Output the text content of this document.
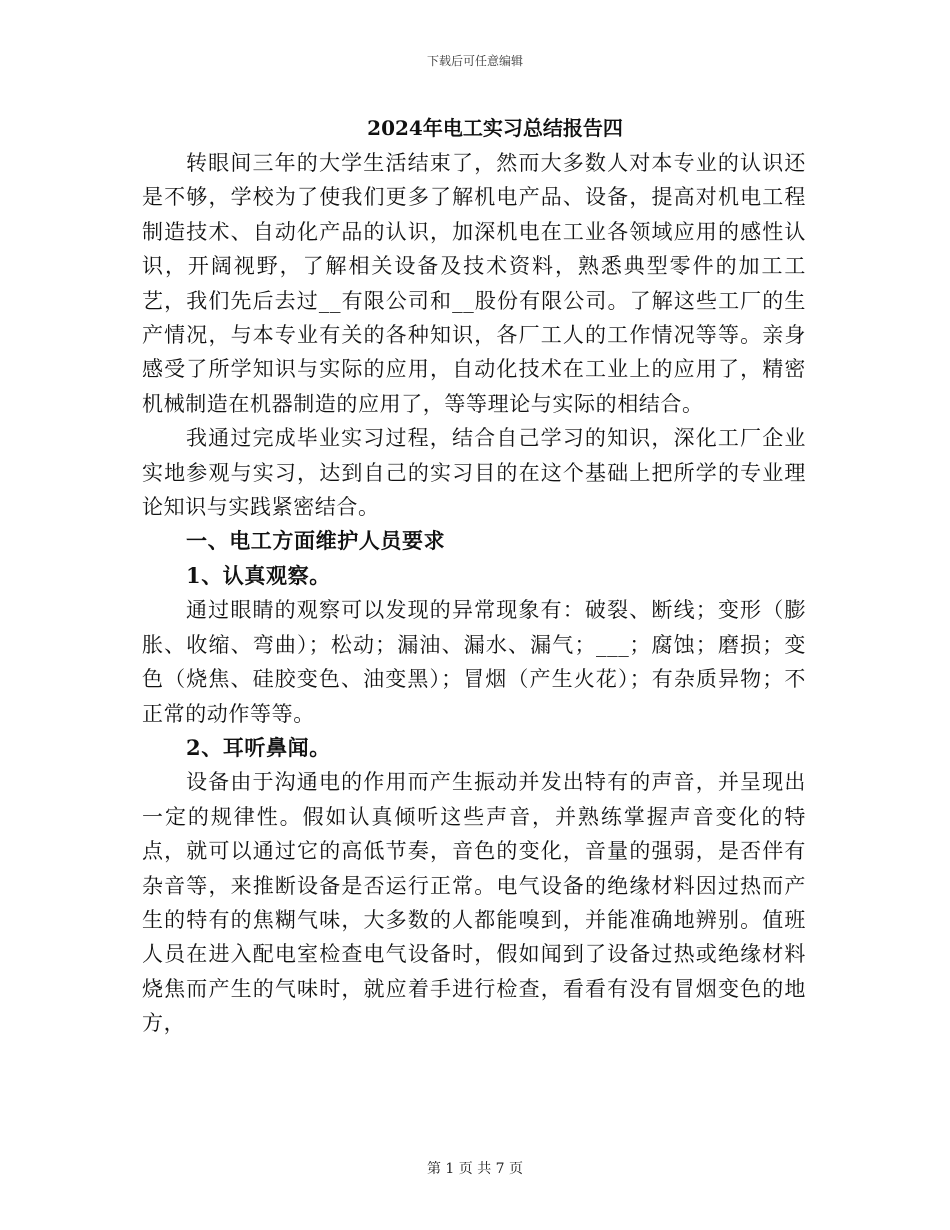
下载后可任意编辑
2024年电工实习总结报告四

转眼间三年的大学生活结束了，然而大多数人对本专业的认识还是不够，学校为了使我们更多了解机电产品、设备，提高对机电工程制造技术、自动化产品的认识，加深机电在工业各领域应用的感性认识，开阔视野，了解相关设备及技术资料，熟悉典型零件的加工工艺，我们先后去过__有限公司和__股份有限公司。了解这些工厂的生产情况，与本专业有关的各种知识，各厂工人的工作情况等等。亲身感受了所学知识与实际的应用，自动化技术在工业上的应用了，精密机械制造在机器制造的应用了，等等理论与实际的相结合。

我通过完成毕业实习过程，结合自己学习的知识，深化工厂企业实地参观与实习，达到自己的实习目的在这个基础上把所学的专业理论知识与实践紧密结合。

一、电工方面维护人员要求

1、认真观察。

通过眼睛的观察可以发现的异常现象有：破裂、断线；变形（膨胀、收缩、弯曲）；松动；漏油、漏水、漏气；___；腐蚀；磨损；变色（烧焦、硅胶变色、油变黑）；冒烟（产生火花）；有杂质异物；不正常的动作等等。

2、耳听鼻闻。

设备由于沟通电的作用而产生振动并发出特有的声音，并呈现出一定的规律性。假如认真倾听这些声音，并熟练掌握声音变化的特点，就可以通过它的高低节奏，音色的变化，音量的强弱，是否伴有杂音等，来推断设备是否运行正常。电气设备的绝缘材料因过热而产生的特有的焦糊气味，大多数的人都能嗅到，并能准确地辨别。值班人员在进入配电室检查电气设备时，假如闻到了设备过热或绝缘材料烧焦而产生的气味时，就应着手进行检查，看看有没有冒烟变色的地方，

第 1 页 共 7 页
